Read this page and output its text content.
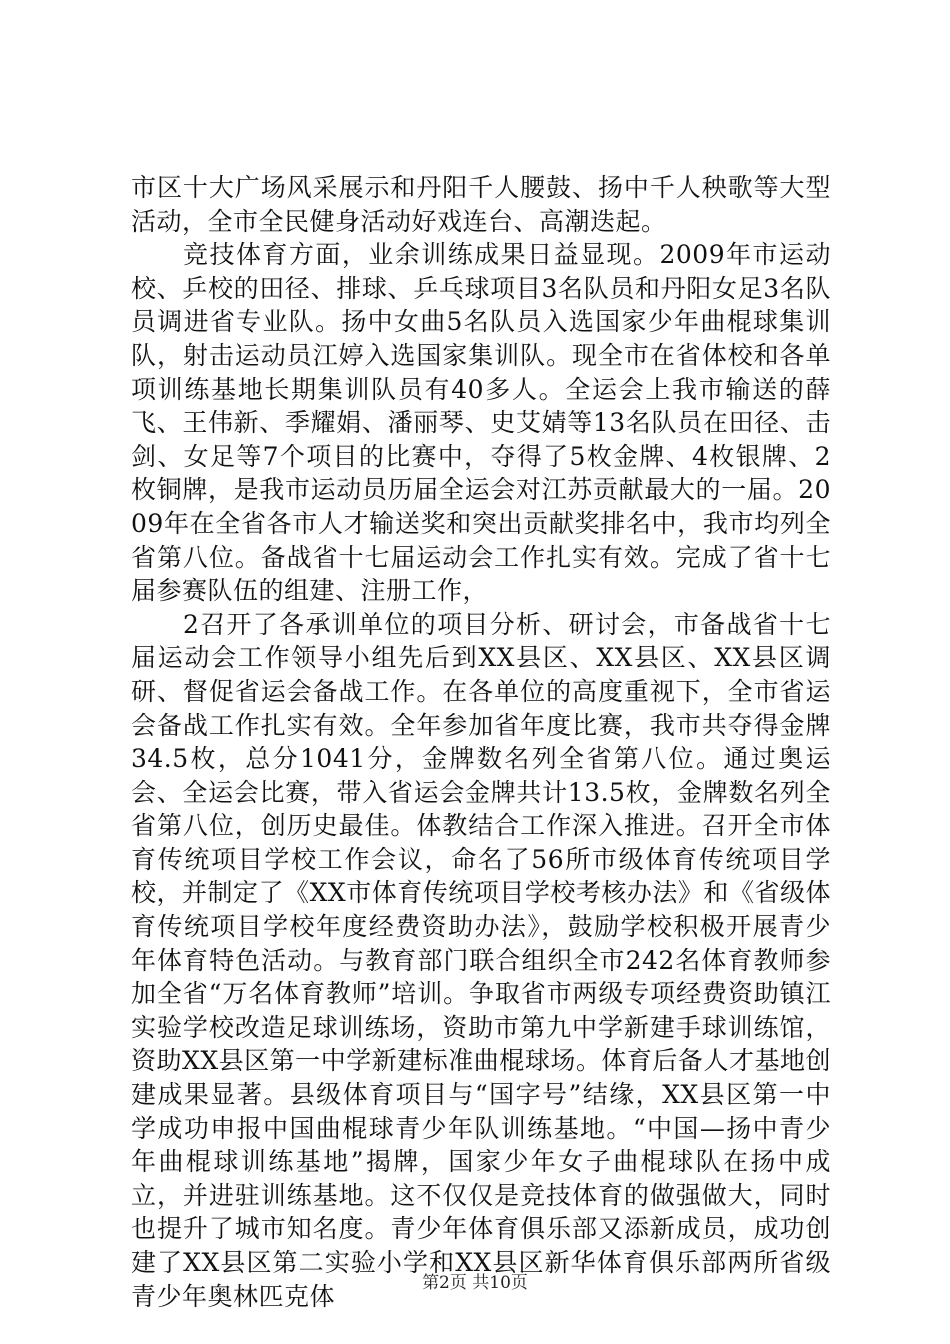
市区十大广场风采展示和丹阳千人腰鼓、扬中千人秧歌等大型活动，全市全民健身活动好戏连台、高潮迭起。

竞技体育方面，业余训练成果日益显现。2009年市运动校、乒校的田径、排球、乒乓球项目3名队员和丹阳女足3名队员调进省专业队。扬中女曲5名队员入选国家少年曲棍球集训队，射击运动员江婷入选国家集训队。现全市在省体校和各单项训练基地长期集训队员有40多人。全运会上我市输送的薛飞、王伟新、季耀娟、潘丽琴、史艾婧等13名队员在田径、击剑、女足等7个项目的比赛中，夺得了5枚金牌、4枚银牌、2枚铜牌，是我市运动员历届全运会对江苏贡献最大的一届。2009年在全省各市人才输送奖和突出贡献奖排名中，我市均列全省第八位。备战省十七届运动会工作扎实有效。完成了省十七届参赛队伍的组建、注册工作，

2召开了各承训单位的项目分析、研讨会，市备战省十七届运动会工作领导小组先后到XX县区、XX县区、XX县区调研、督促省运会备战工作。在各单位的高度重视下，全市省运会备战工作扎实有效。全年参加省年度比赛，我市共夺得金牌34.5枚，总分1041分，金牌数名列全省第八位。通过奥运会、全运会比赛，带入省运会金牌共计13.5枚，金牌数名列全省第八位，创历史最佳。体教结合工作深入推进。召开全市体育传统项目学校工作会议，命名了56所市级体育传统项目学校，并制定了《XX市体育传统项目学校考核办法》和《省级体育传统项目学校年度经费资助办法》，鼓励学校积极开展青少年体育特色活动。与教育部门联合组织全市242名体育教师参加全省“万名体育教师”培训。争取省市两级专项经费资助镇江实验学校改造足球训练场，资助市第九中学新建手球训练馆，资助XX县区第一中学新建标准曲棍球场。体育后备人才基地创建成果显著。县级体育项目与“国字号”结缘，XX县区第一中学成功申报中国曲棍球青少年队训练基地。“中国—扬中青少年曲棍球训练基地”揭牌，国家少年女子曲棍球队在扬中成立，并进驻训练基地。这不仅仅是竞技体育的做强做大，同时也提升了城市知名度。青少年体育俱乐部又添新成员，成功创建了XX县区第二实验小学和XX县区新华体育俱乐部两所省级青少年奥林匹克体	第2页 共10页
